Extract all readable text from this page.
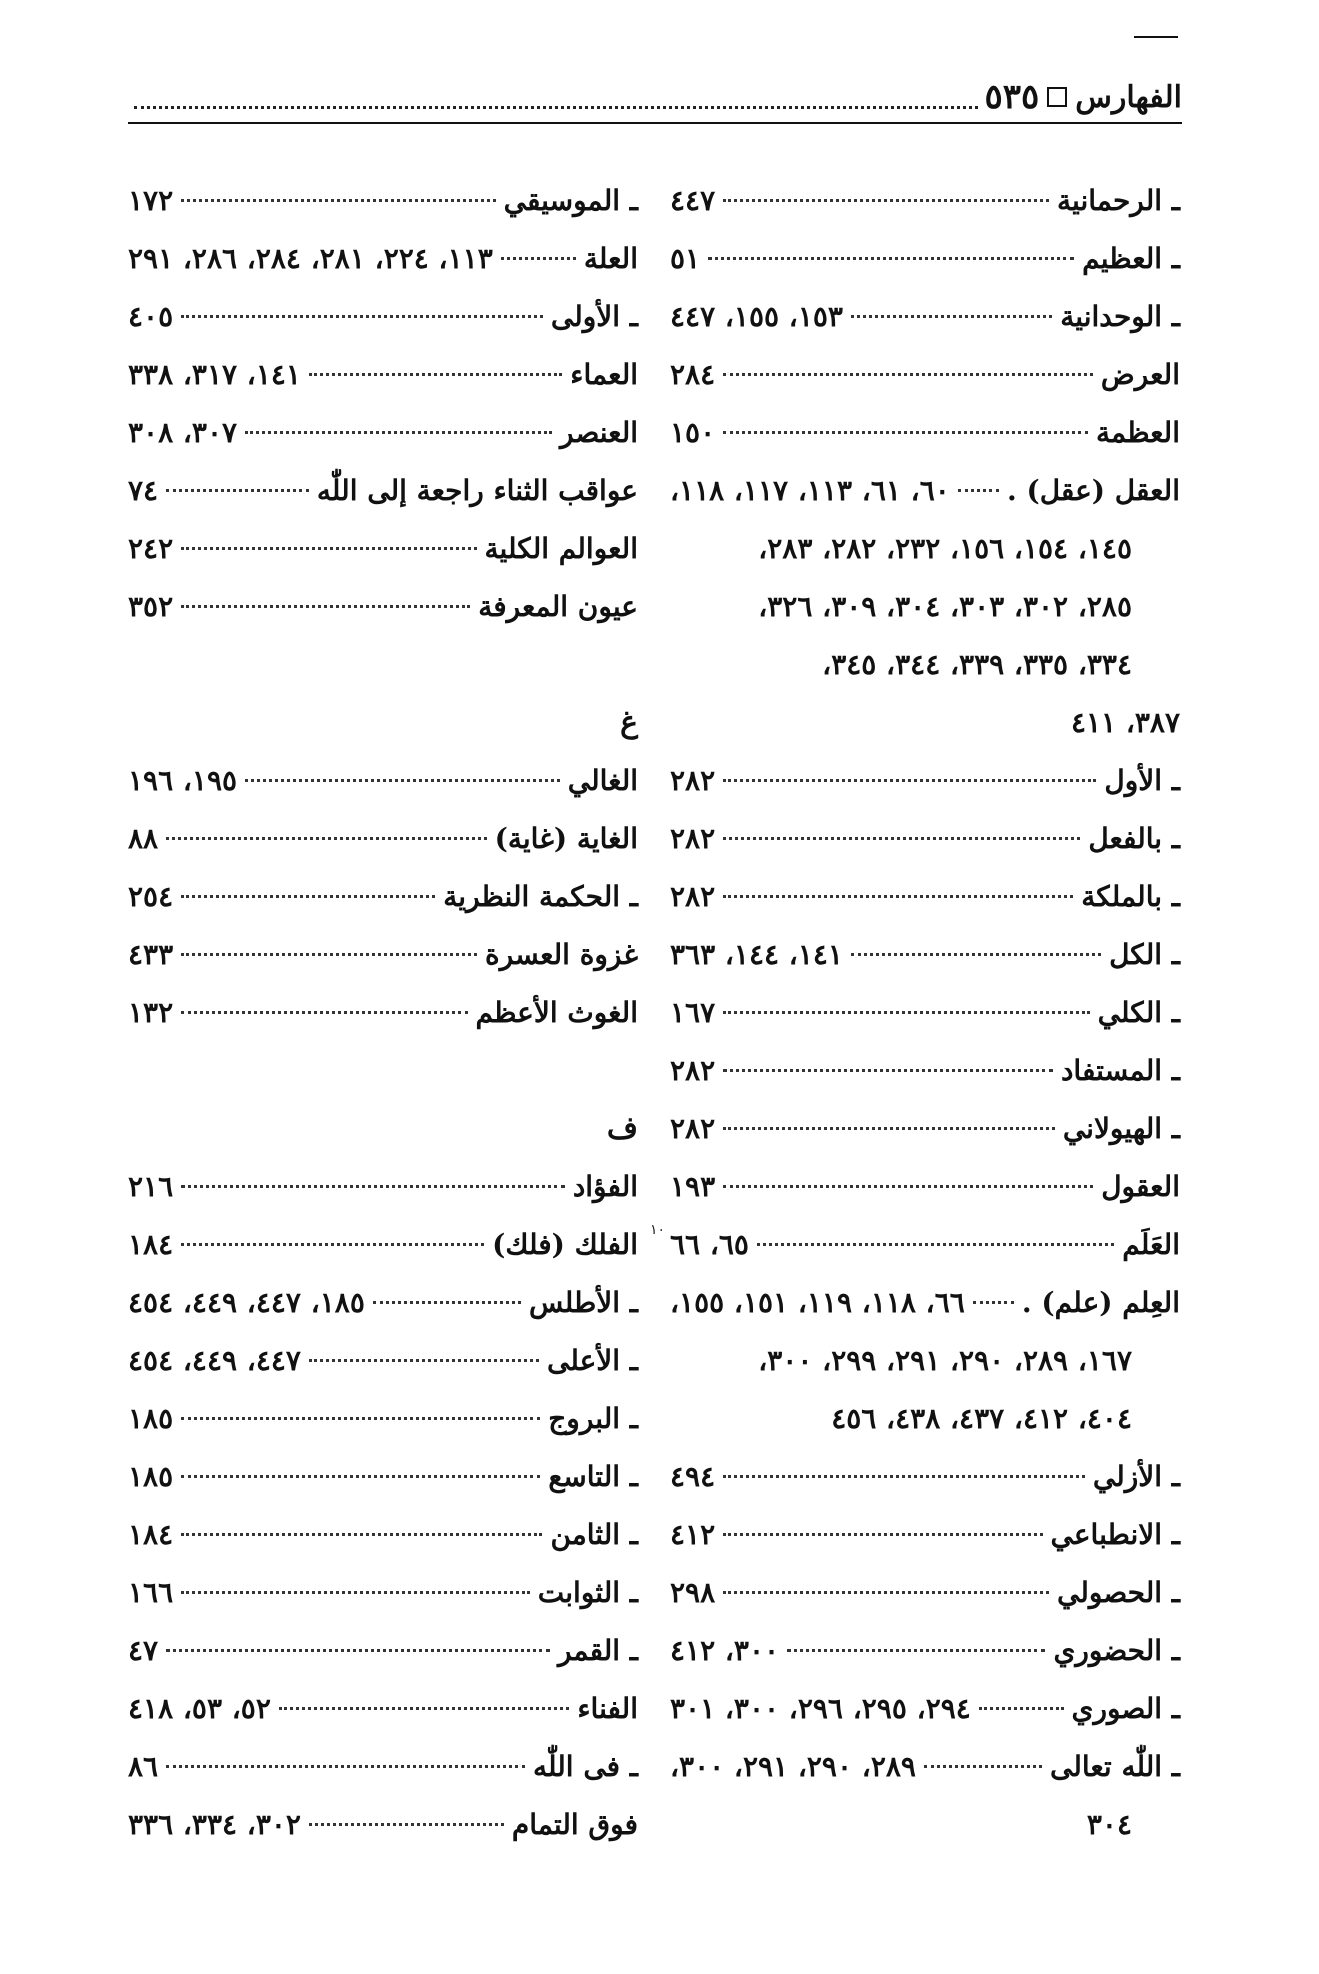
الفهارس
٥٣٥
ـ الرحمانية
٤٤٧
ـ العظيم
٥١
ـ الوحدانية
١٥٣، ١٥٥، ٤٤٧
العرض
٢٨٤
العظمة
١٥٠
العقل (عقل) .
٦٠، ٦١، ١١٣، ١١٧، ١١٨،
١٤٥، ١٥٤، ١٥٦، ٢٣٢، ٢٨٢، ٢٨٣،
٢٨٥، ٣٠٢، ٣٠٣، ٣٠٤، ٣٠٩، ٣٢٦،
٣٣٤، ٣٣٥، ٣٣٩، ٣٤٤، ٣٤٥،
٣٨٧، ٤١١
ـ الأول
٢٨٢
ـ بالفعل
٢٨٢
ـ بالملكة
٢٨٢
ـ الكل
١٤١، ١٤٤، ٣٦٣
ـ الكلي
١٦٧
ـ المستفاد
٢٨٢
ـ الهيولاني
٢٨٢
العقول
١٩٣
العَلَم
٦٥، ٦٦
العِلم (علم) .
٦٦، ١١٨، ١١٩، ١٥١، ١٥٥،
١٦٧، ٢٨٩، ٢٩٠، ٢٩١، ٢٩٩، ٣٠٠،
٤٠٤، ٤١٢، ٤٣٧، ٤٣٨، ٤٥٦
ـ الأزلي
٤٩٤
ـ الانطباعي
٤١٢
ـ الحصولي
٢٩٨
ـ الحضوري
٣٠٠، ٤١٢
ـ الصوري
٢٩٤، ٢٩٥، ٢٩٦، ٣٠٠، ٣٠١
ـ اللّٰه تعالى
٢٨٩، ٢٩٠، ٢٩١، ٣٠٠،
٣٠٤
ـ الموسيقي
١٧٢
العلة
١١٣، ٢٢٤، ٢٨١، ٢٨٤، ٢٨٦، ٢٩١
ـ الأولى
٤٠٥
العماء
١٤١، ٣١٧، ٣٣٨
العنصر
٣٠٧، ٣٠٨
عواقب الثناء راجعة إلى اللّٰه
٧٤
العوالم الكلية
٢٤٢
عيون المعرفة
٣٥٢
غ
الغالي
١٩٥، ١٩٦
الغاية (غاية)
٨٨
ـ الحكمة النظرية
٢٥٤
غزوة العسرة
٤٣٣
الغوث الأعظم
١٣٢
ف
الفؤاد
٢١٦
الفلك (فلك)
١٨٤
ـ الأطلس
١٨٥، ٤٤٧، ٤٤٩، ٤٥٤
ـ الأعلى
٤٤٧، ٤٤٩، ٤٥٤
ـ البروج
١٨٥
ـ التاسع
١٨٥
ـ الثامن
١٨٤
ـ الثوابت
١٦٦
ـ القمر
٤٧
الفناء
٥٢، ٥٣، ٤١٨
ـ فى اللّٰه
٨٦
فوق التمام
٣٠٢، ٣٣٤، ٣٣٦
١٠
